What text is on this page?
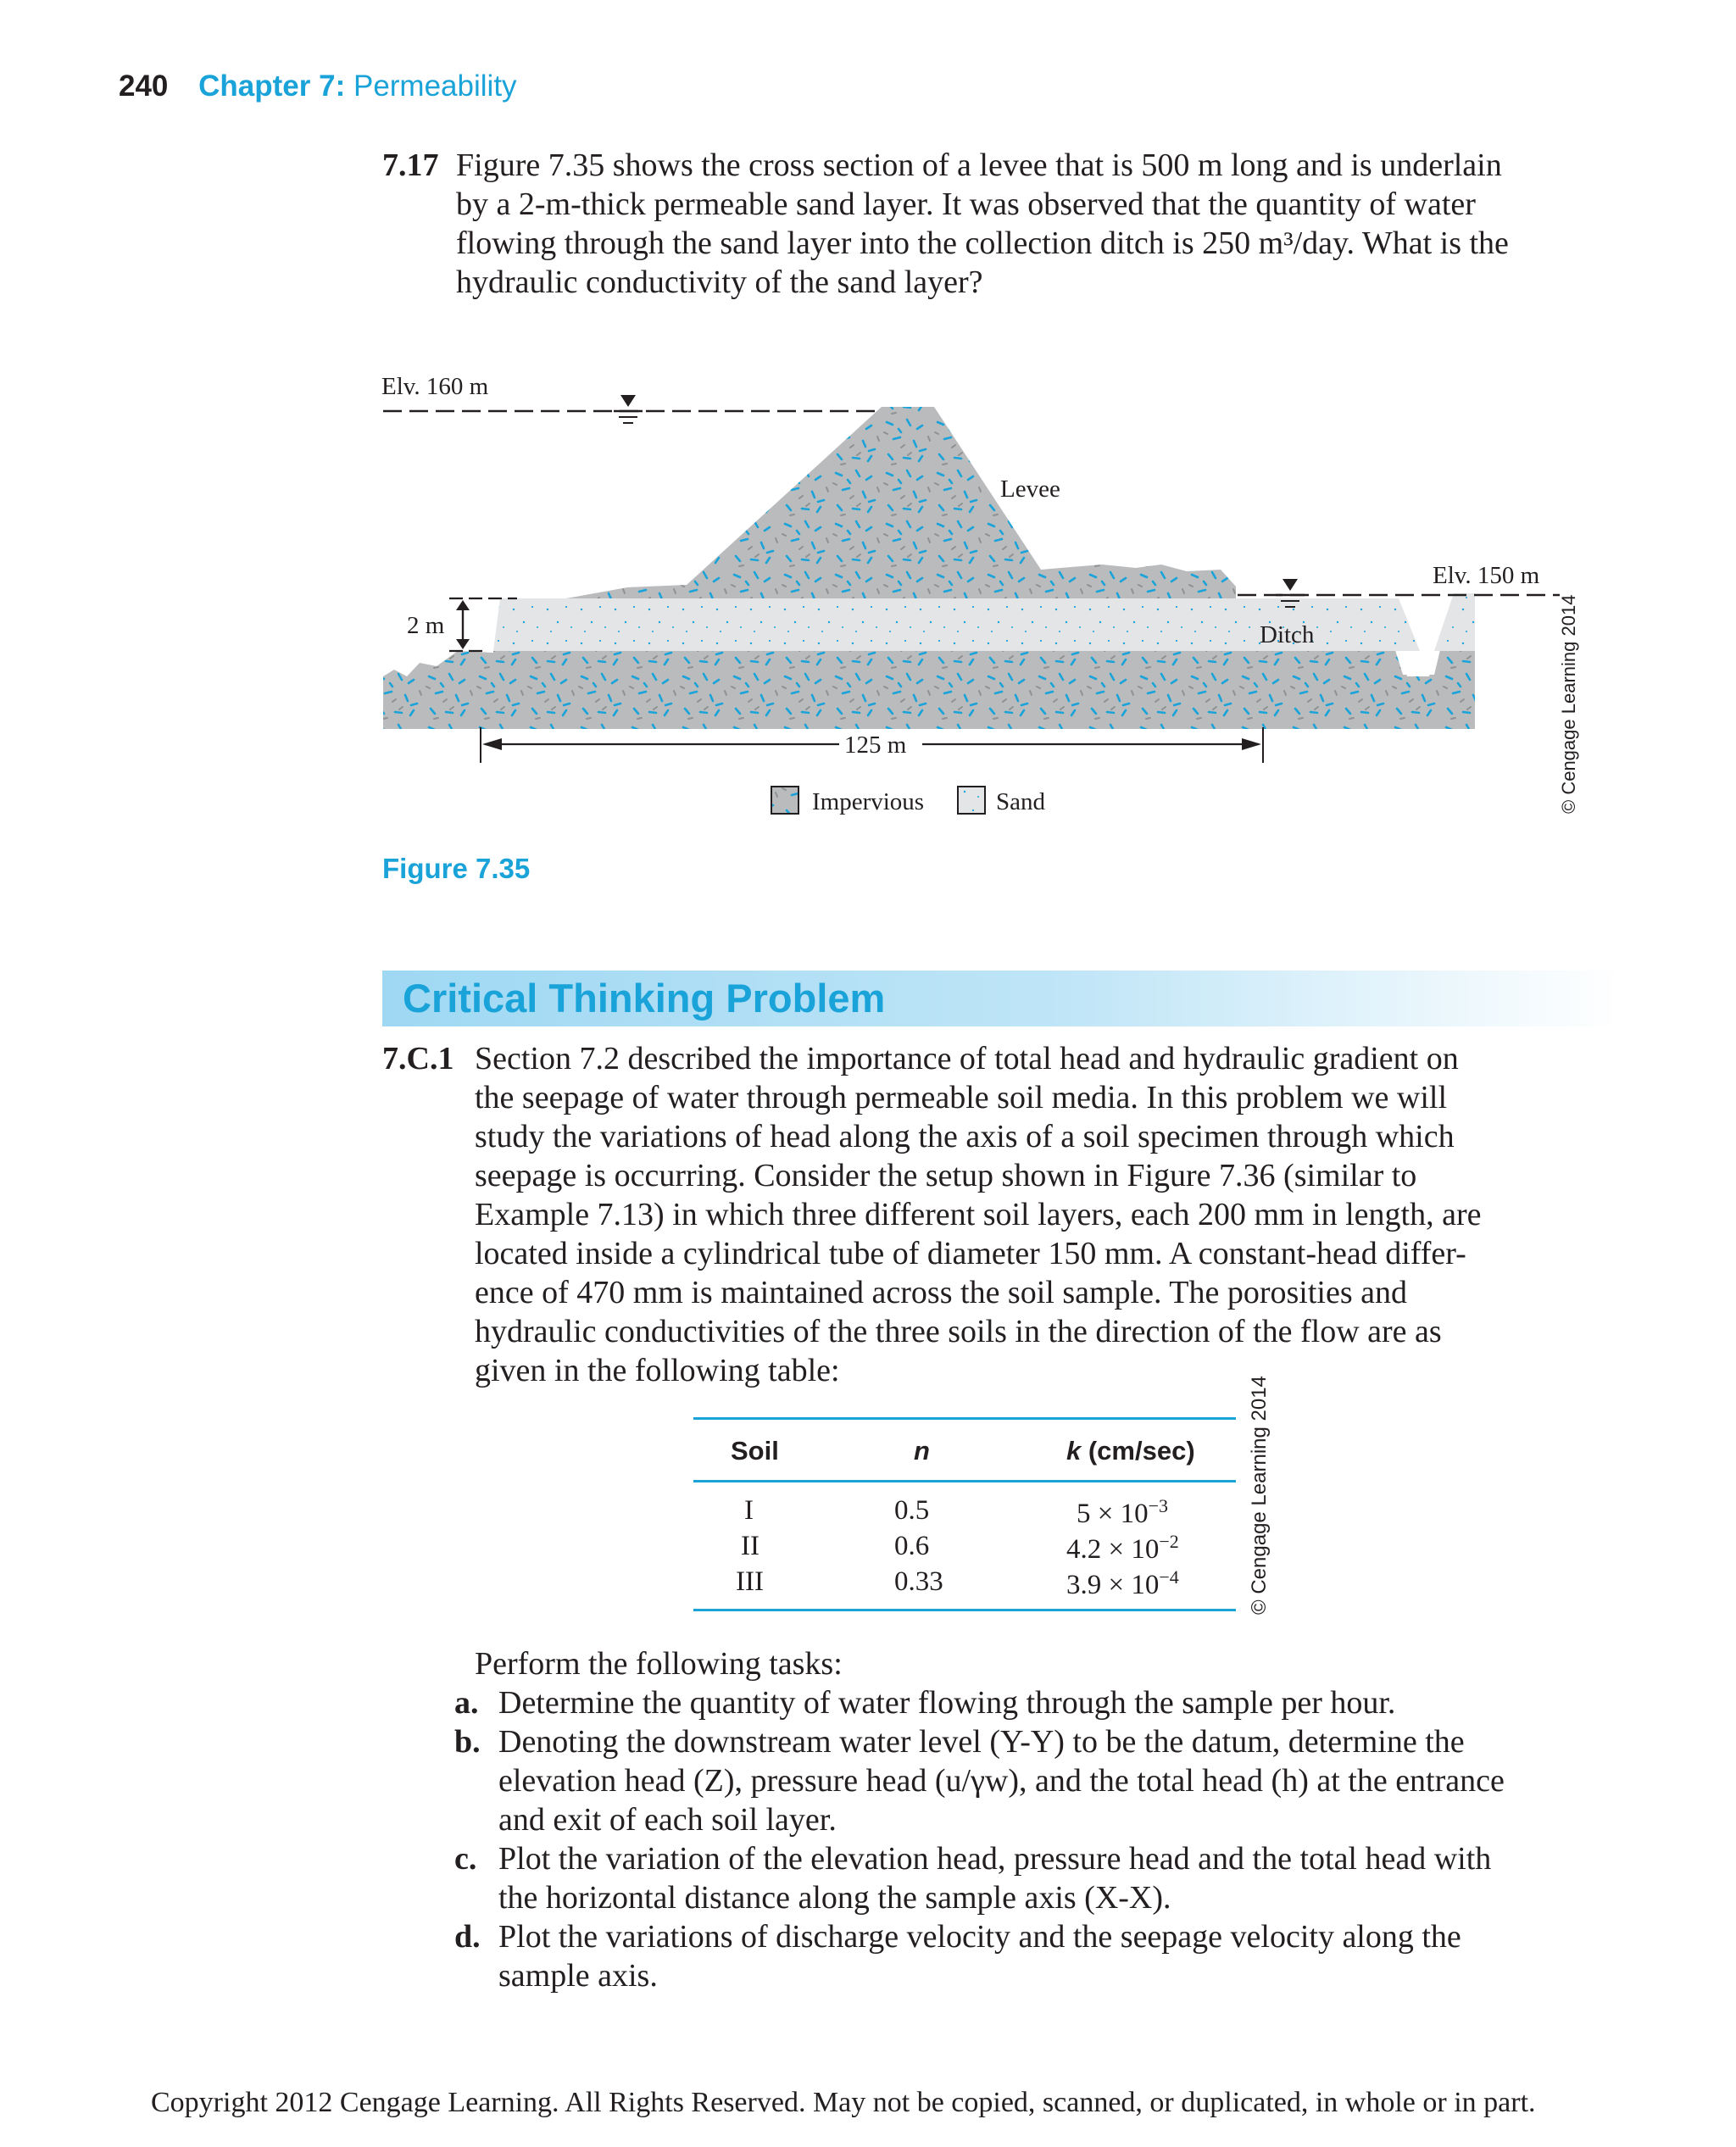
240 Chapter 7: Permeability
7.17 Figure 7.35 shows the cross section of a levee that is 500 m long and is underlain
by a 2-m-thick permeable sand layer. It was observed that the quantity of water
flowing through the sand layer into the collection ditch is 250 m³/day. What is the
hydraulic conductivity of the sand layer?
Elv. 160 m
Levee
Elv. 150 m
Ditch
2 m
125 m
Impervious	Sand	© Cengage Learning 2014
Figure 7.35
Critical Thinking Problem
7.C.1 Section 7.2 described the importance of total head and hydraulic gradient on
the seepage of water through permeable soil media. In this problem we will
study the variations of head along the axis of a soil specimen through which
seepage is occurring. Consider the setup shown in Figure 7.36 (similar to
Example 7.13) in which three different soil layers, each 200 mm in length, are
located inside a cylindrical tube of diameter 150 mm. A constant-head differ-
ence of 470 mm is maintained across the soil sample. The porosities and
hydraulic conductivities of the three soils in the direction of the flow are as
given in the following table:
Soil	n	k (cm/sec)
I	0.5	$5 \times 10^{-3}$
II	0.6	$4.2 \times 10^{-2}$
III	0.33	$3.9 \times 10^{-4}$	© Cengage Learning 2014
Perform the following tasks:
a. Determine the quantity of water flowing through the sample per hour.
b. Denoting the downstream water level (Y-Y) to be the datum, determine the
elevation head (Z), pressure head (u/γw), and the total head (h) at the entrance
and exit of each soil layer.
c. Plot the variation of the elevation head, pressure head and the total head with
the horizontal distance along the sample axis (X-X).
d. Plot the variations of discharge velocity and the seepage velocity along the
sample axis.
Copyright 2012 Cengage Learning. All Rights Reserved. May not be copied, scanned, or duplicated, in whole or in part.
